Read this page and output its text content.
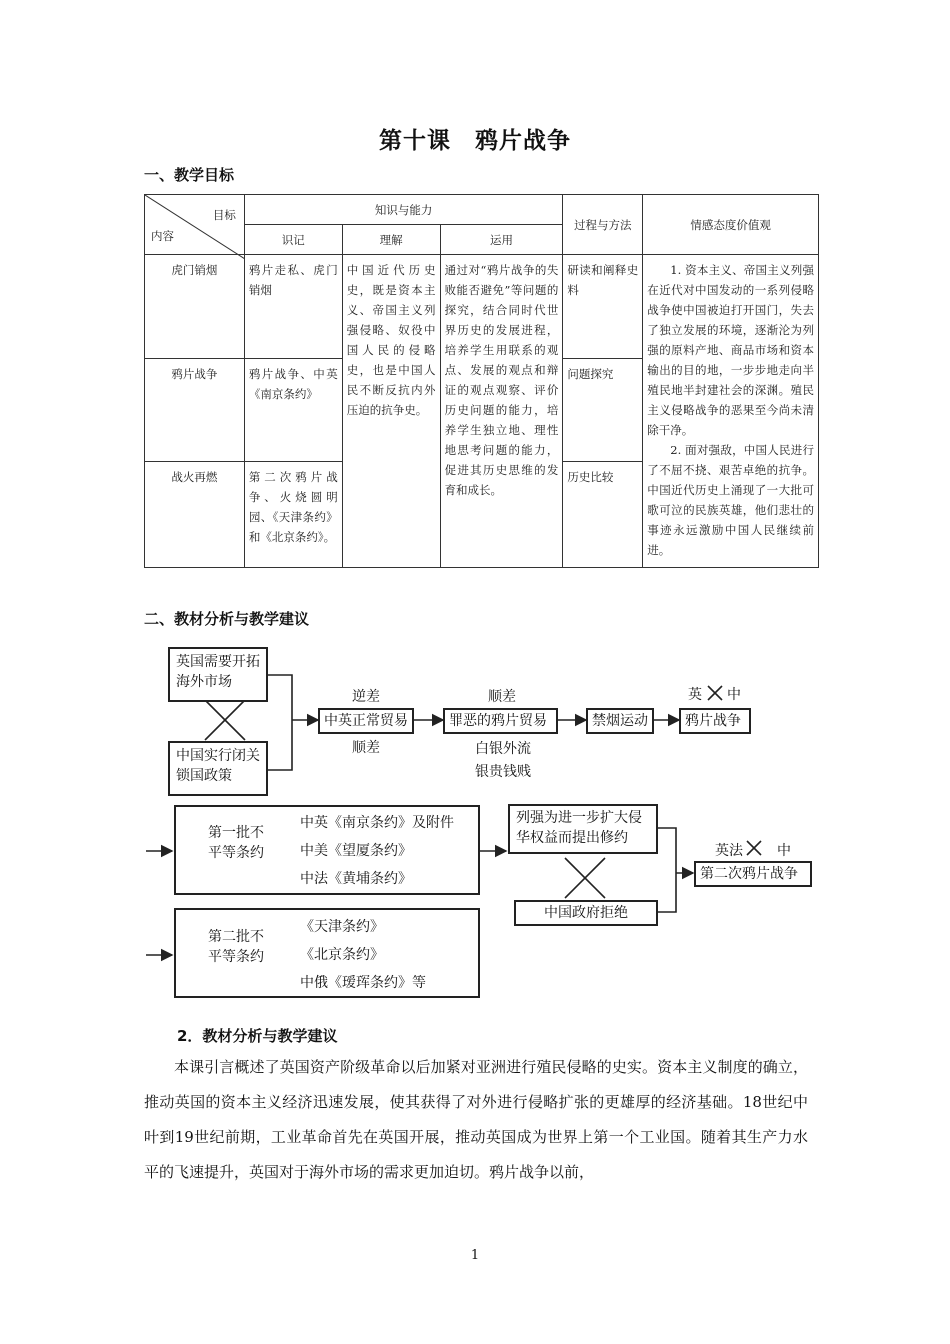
第十课　鸦片战争
一、教学目标
目标
内容	知识与能力			过程与方法	情感态度价值观
	识记	理解	运用		
虎门销烟	鸦片走私、虎门销烟	中国近代历史史，既是资本主义、帝国主义列强侵略、奴役中国人民的侵略史，也是中国人民不断反抗内外压迫的抗争史。	通过对“鸦片战争的失败能否避免”等问题的探究，结合同时代世界历史的发展进程，培养学生用联系的观点、发展的观点和辩证的观点观察、评价历史问题的能力，培养学生独立地、理性地思考问题的能力，促进其历史思维的发育和成长。	研读和阐释史料	1. 资本主义、帝国主义列强在近代对中国发动的一系列侵略战争使中国被迫打开国门，失去了独立发展的环境，逐渐沦为列强的原料产地、商品市场和资本输出的目的地，一步步地走向半殖民地半封建社会的深渊。殖民主义侵略战争的恶果至今尚未清除干净。
2. 面对强敌，中国人民进行了不屈不挠、艰苦卓绝的抗争。中国近代历史上涌现了一大批可歌可泣的民族英雄，他们悲壮的事迹永远激励中国人民继续前进。

鸦片战争	鸦片战争、中英《南京条约》			问题探究	
战火再燃	第二次鸦片战争、火烧圆明园、《天津条约》和《北京条约》。			历史比较	
二、教材分析与教学建议
英国需要开拓海外市场
中国实行闭关锁国政策
逆差
中英正常贸易
顺差
顺差
罪恶的鸦片贸易
白银外流
银贵钱贱
禁烟运动
英 中
鸦片战争
第一批不平等条约
中英《南京条约》及附件
中美《望厦条约》
中法《黄埔条约》
列强为进一步扩大侵华权益而提出修约
中国政府拒绝
英法 中
第二次鸦片战争
第二批不平等条约
《天津条约》
《北京条约》
中俄《瑷珲条约》等
2．教材分析与教学建议
本课引言概述了英国资产阶级革命以后加紧对亚洲进行殖民侵略的史实。资本主义制度的确立，推动英国的资本主义经济迅速发展，使其获得了对外进行侵略扩张的更雄厚的经济基础。18世纪中叶到19世纪前期，工业革命首先在英国开展，推动英国成为世界上第一个工业国。随着其生产力水平的飞速提升，英国对于海外市场的需求更加迫切。鸦片战争以前，
1
